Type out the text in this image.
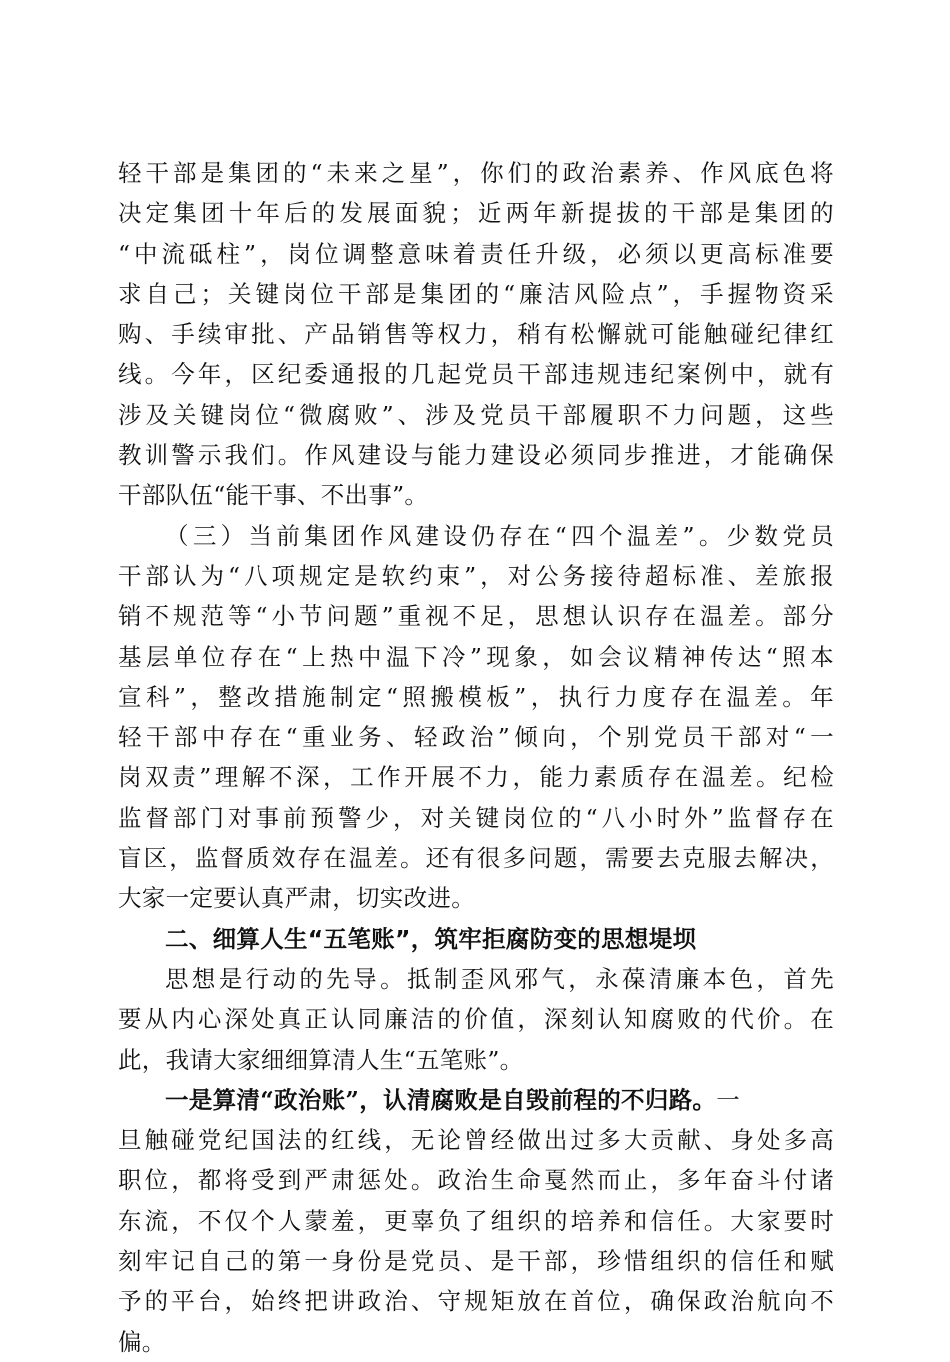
轻干部是集团的“未来之星”，你们的政治素养、作风底色将
决定集团十年后的发展面貌；近两年新提拔的干部是集团的
“中流砥柱”，岗位调整意味着责任升级，必须以更高标准要
求自己；关键岗位干部是集团的“廉洁风险点”，手握物资采
购、手续审批、产品销售等权力，稍有松懈就可能触碰纪律红
线。今年，区纪委通报的几起党员干部违规违纪案例中，就有
涉及关键岗位“微腐败”、涉及党员干部履职不力问题，这些
教训警示我们。作风建设与能力建设必须同步推进，才能确保
干部队伍“能干事、不出事”。
（三）当前集团作风建设仍存在“四个温差”。少数党员
干部认为“八项规定是软约束”，对公务接待超标准、差旅报
销不规范等“小节问题”重视不足，思想认识存在温差。部分
基层单位存在“上热中温下冷”现象，如会议精神传达“照本
宣科”，整改措施制定“照搬模板”，执行力度存在温差。年
轻干部中存在“重业务、轻政治”倾向，个别党员干部对“一
岗双责”理解不深，工作开展不力，能力素质存在温差。纪检
监督部门对事前预警少，对关键岗位的“八小时外”监督存在
盲区，监督质效存在温差。还有很多问题，需要去克服去解决，
大家一定要认真严肃，切实改进。
二、细算人生“五笔账”，筑牢拒腐防变的思想堤坝
思想是行动的先导。抵制歪风邪气，永葆清廉本色，首先
要从内心深处真正认同廉洁的价值，深刻认知腐败的代价。在
此，我请大家细细算清人生“五笔账”。
一是算清“政治账”，认清腐败是自毁前程的不归路。一
旦触碰党纪国法的红线，无论曾经做出过多大贡献、身处多高
职位，都将受到严肃惩处。政治生命戛然而止，多年奋斗付诸
东流，不仅个人蒙羞，更辜负了组织的培养和信任。大家要时
刻牢记自己的第一身份是党员、是干部，珍惜组织的信任和赋
予的平台，始终把讲政治、守规矩放在首位，确保政治航向不
偏。
